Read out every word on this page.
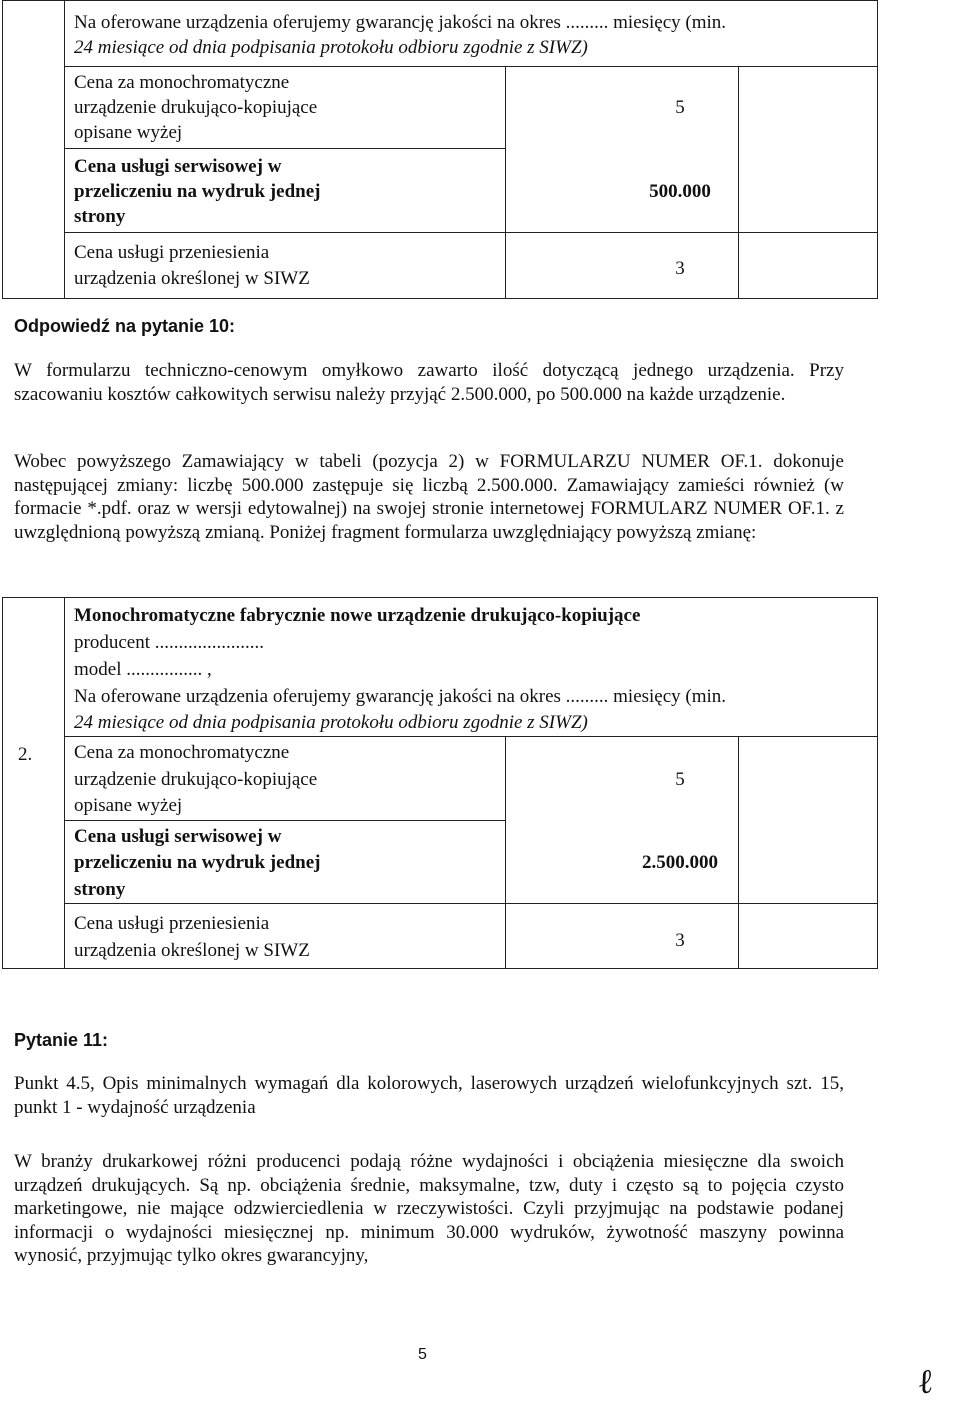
Na oferowane urządzenia oferujemy gwarancję jakości na okres ......... miesięcy (min.
24 miesiące od dnia podpisania protokołu odbioru zgodnie z SIWZ)
Cena za monochromatyczne
urządzenie drukująco-kopiujące
opisane wyżej
5
Cena usługi serwisowej w
przeliczeniu na wydruk jednej
strony
500.000
Cena usługi przeniesienia
urządzenia określonej w SIWZ	3
Odpowiedź na pytanie 10:

W formularzu techniczno-cenowym omyłkowo zawarto ilość dotyczącą jednego urządzenia. Przy szacowaniu kosztów całkowitych serwisu należy przyjąć 2.500.000, po 500.000 na każde urządzenie.

Wobec powyższego Zamawiający w tabeli (pozycja 2) w FORMULARZU NUMER OF.1. dokonuje następującej zmiany: liczbę 500.000 zastępuje się liczbą 2.500.000. Zamawiający zamieści również (w formacie *.pdf. oraz w wersji edytowalnej) na swojej stronie internetowej FORMULARZ NUMER OF.1. z uwzględnioną powyższą zmianą. Poniżej fragment formularza uwzględniający powyższą zmianę:

2.
Monochromatyczne fabrycznie nowe urządzenie drukująco-kopiujące
producent .......................
model ................ ,
Na oferowane urządzenia oferujemy gwarancję jakości na okres ......... miesięcy (min.
24 miesiące od dnia podpisania protokołu odbioru zgodnie z SIWZ)
Cena za monochromatyczne
urządzenie drukująco-kopiujące
opisane wyżej
5
Cena usługi serwisowej w
przeliczeniu na wydruk jednej
strony
2.500.000
Cena usługi przeniesienia
urządzenia określonej w SIWZ	3
Pytanie 11:

Punkt 4.5, Opis minimalnych wymagań dla kolorowych, laserowych urządzeń wielofunkcyjnych szt. 15, punkt 1 - wydajność urządzenia

W branży drukarkowej różni producenci podają różne wydajności i obciążenia miesięczne dla swoich urządzeń drukujących. Są np. obciążenia średnie, maksymalne, tzw, duty i często są to pojęcia czysto marketingowe, nie mające odzwierciedlenia w rzeczywistości. Czyli przyjmując na podstawie podanej informacji o wydajności miesięcznej np. minimum 30.000 wydruków, żywotność maszyny powinna wynosić, przyjmując tylko okres gwarancyjny,

5
ℓ
